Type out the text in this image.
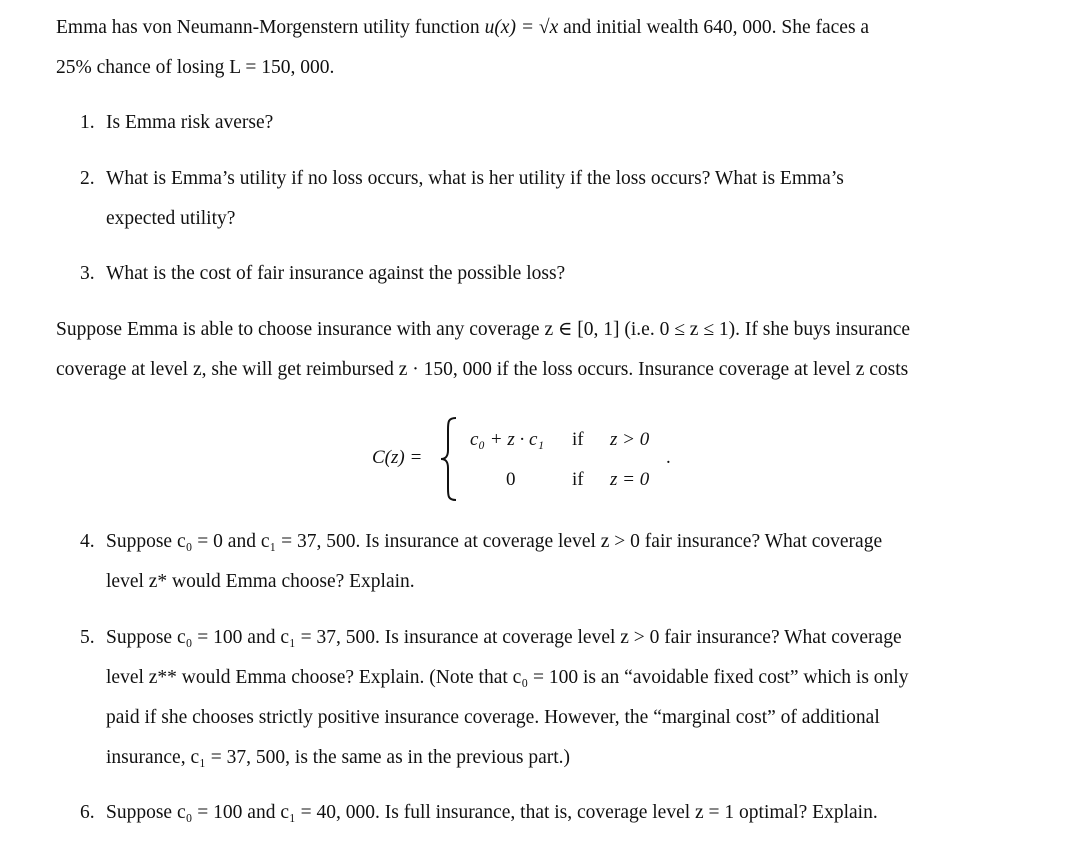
Emma has von Neumann-Morgenstern utility function u(x) = √x and initial wealth 640, 000. She faces a
25% chance of losing L = 150, 000.
1. Is Emma risk averse?
2. What is Emma’s utility if no loss occurs, what is her utility if the loss occurs? What is Emma’s
expected utility?
3. What is the cost of fair insurance against the possible loss?
Suppose Emma is able to choose insurance with any coverage z ∈ [0, 1] (i.e. 0 ≤ z ≤ 1). If she buys insurance
coverage at level z, she will get reimbursed z · 150, 000 if the loss occurs. Insurance coverage at level z costs
C(z) =
c₀ + z · c₁ if z > 0
0	if z = 0
.
4. Suppose c₀ = 0 and c₁ = 37, 500. Is insurance at coverage level z > 0 fair insurance? What coverage
level z* would Emma choose? Explain.
5. Suppose c₀ = 100 and c₁ = 37, 500. Is insurance at coverage level z > 0 fair insurance? What coverage
level z** would Emma choose? Explain. (Note that c₀ = 100 is an “avoidable fixed cost” which is only
paid if she chooses strictly positive insurance coverage. However, the “marginal cost” of additional
insurance, c₁ = 37, 500, is the same as in the previous part.)
6. Suppose c₀ = 100 and c₁ = 40, 000. Is full insurance, that is, coverage level z = 1 optimal? Explain.
